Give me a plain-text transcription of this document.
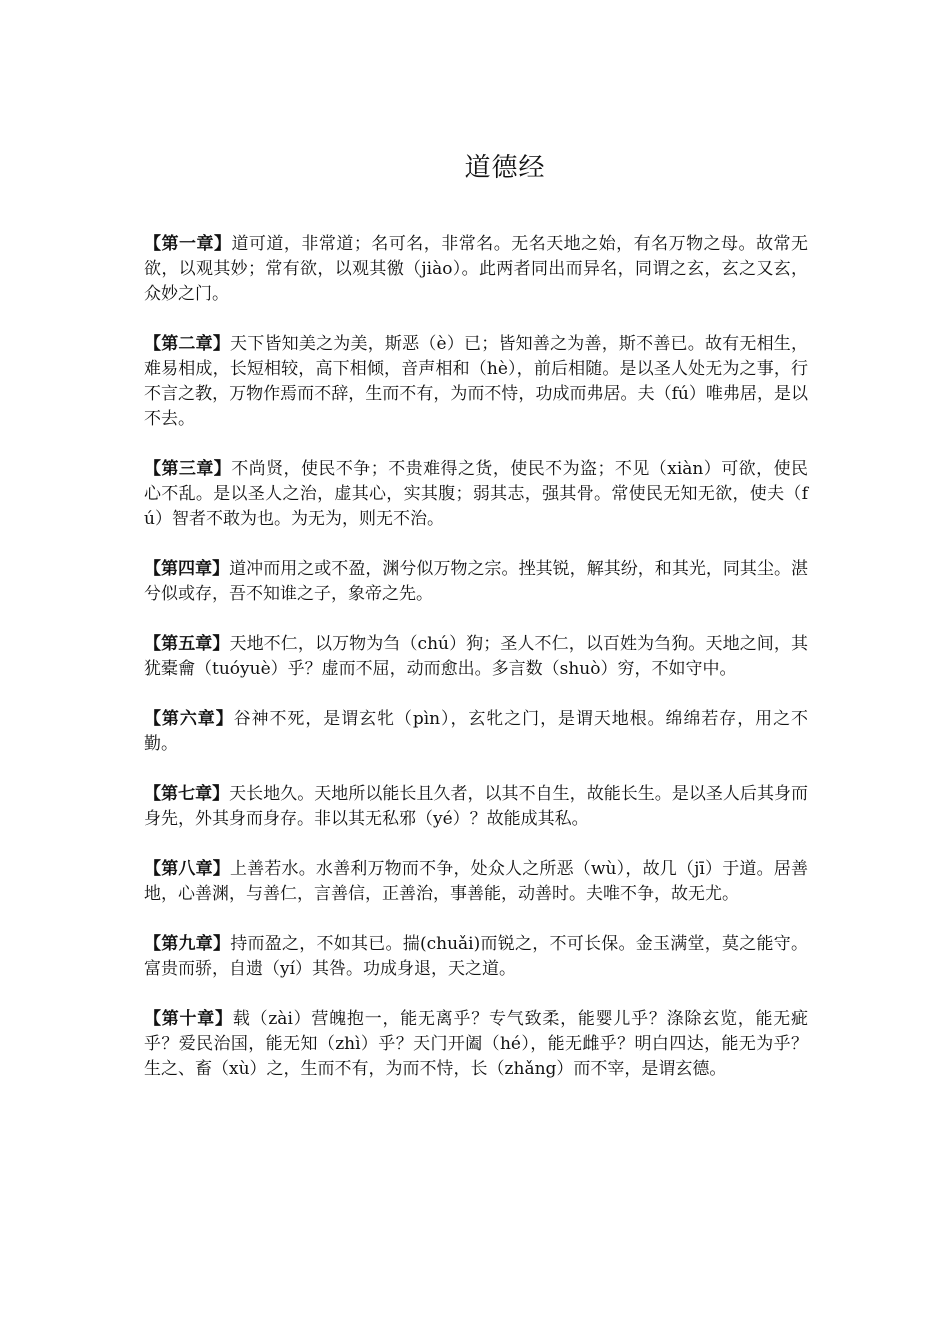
道德经

【第一章】道可道，非常道；名可名，非常名。无名天地之始，有名万物之母。故常无欲，以观其妙；常有欲，以观其徼（jiào）。此两者同出而异名，同谓之玄，玄之又玄，众妙之门。

【第二章】天下皆知美之为美，斯恶（è）已；皆知善之为善，斯不善已。故有无相生，难易相成，长短相较，高下相倾，音声相和（hè），前后相随。是以圣人处无为之事，行不言之教，万物作焉而不辞，生而不有，为而不恃，功成而弗居。夫（fú）唯弗居，是以不去。

【第三章】不尚贤，使民不争；不贵难得之货，使民不为盗；不见（xiàn）可欲，使民心不乱。是以圣人之治，虚其心，实其腹；弱其志，强其骨。常使民无知无欲，使夫（fú）智者不敢为也。为无为，则无不治。

【第四章】道冲而用之或不盈，渊兮似万物之宗。挫其锐，解其纷，和其光，同其尘。湛兮似或存，吾不知谁之子，象帝之先。

【第五章】天地不仁，以万物为刍（chú）狗；圣人不仁，以百姓为刍狗。天地之间，其犹橐龠（tuóyuè）乎？虚而不屈，动而愈出。多言数（shuò）穷，不如守中。

【第六章】谷神不死，是谓玄牝（pìn），玄牝之门，是谓天地根。绵绵若存，用之不勤。

【第七章】天长地久。天地所以能长且久者，以其不自生，故能长生。是以圣人后其身而身先，外其身而身存。非以其无私邪（yé）？故能成其私。

【第八章】上善若水。水善利万物而不争，处众人之所恶（wù），故几（jī）于道。居善地，心善渊，与善仁，言善信，正善治，事善能，动善时。夫唯不争，故无尤。

【第九章】持而盈之，不如其已。揣(chuǎi)而锐之，不可长保。金玉满堂，莫之能守。富贵而骄，自遗（yí）其咎。功成身退，天之道。

【第十章】载（zài）营魄抱一，能无离乎？专气致柔，能婴儿乎？涤除玄览，能无疵乎？爱民治国，能无知（zhì）乎？天门开阖（hé），能无雌乎？明白四达，能无为乎？生之、畜（xù）之，生而不有，为而不恃，长（zhǎng）而不宰，是谓玄德。
